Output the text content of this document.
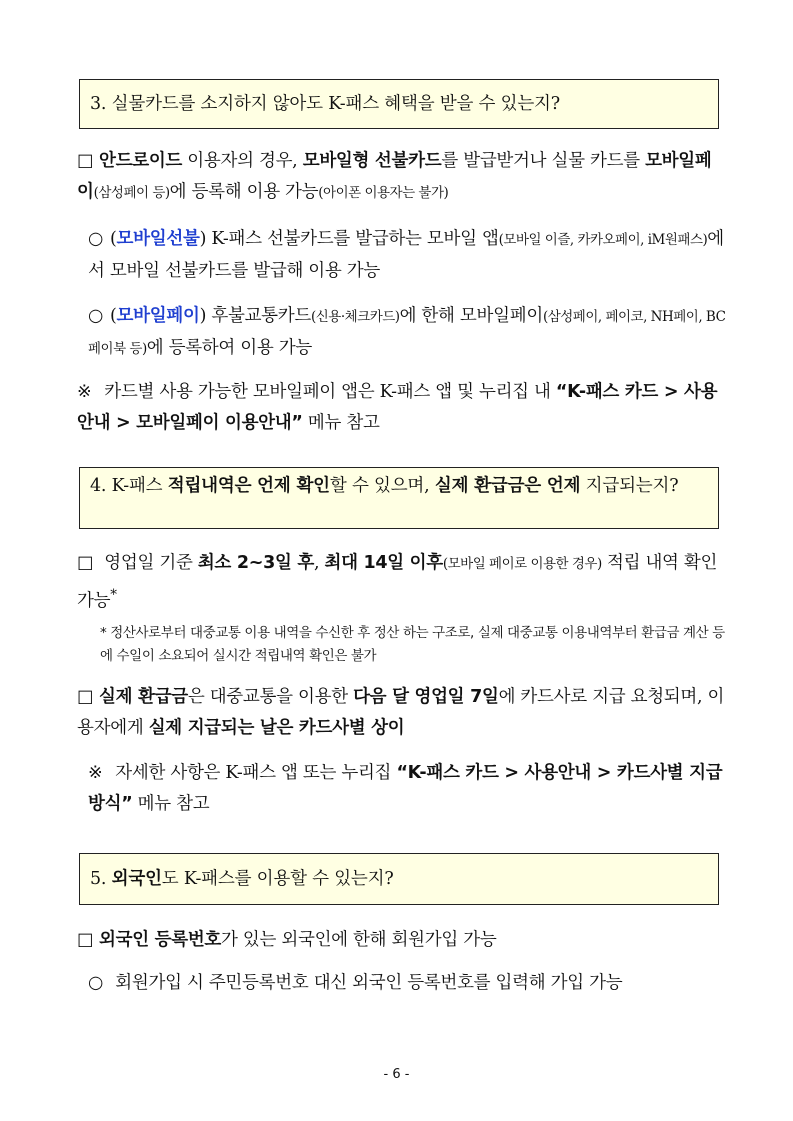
3. 실물카드를 소지하지 않아도 K-패스 혜택을 받을 수 있는지?
□ 안드로이드 이용자의 경우, 모바일형 선불카드를 발급받거나 실물 카드를 모바일페이(삼성페이 등)에 등록해 이용 가능(아이폰 이용자는 불가)
○ (모바일선불) K-패스 선불카드를 발급하는 모바일 앱(모바일 이즐, 카카오페이, iM원패스)에서 모바일 선불카드를 발급해 이용 가능
○ (모바일페이) 후불교통카드(신용·체크카드)에 한해 모바일페이(삼성페이, 페이코, NH페이, BC페이북 등)에 등록하여 이용 가능
※ 카드별 사용 가능한 모바일페이 앱은 K-패스 앱 및 누리집 내 “K-패스 카드 > 사용안내 > 모바일페이 이용안내” 메뉴 참고
4. K-패스 적립내역은 언제 확인할 수 있으며, 실제 환급금은 언제 지급되는지?
□ 영업일 기준 최소 2~3일 후, 최대 14일 이후(모바일 페이로 이용한 경우) 적립 내역 확인 가능*
* 정산사로부터 대중교통 이용 내역을 수신한 후 정산 하는 구조로, 실제 대중교통 이용내역부터 환급금 계산 등에 수일이 소요되어 실시간 적립내역 확인은 불가
□ 실제 환급금은 대중교통을 이용한 다음 달 영업일 7일에 카드사로 지급 요청되며, 이용자에게 실제 지급되는 날은 카드사별 상이
※ 자세한 사항은 K-패스 앱 또는 누리집 “K-패스 카드 > 사용안내 > 카드사별 지급방식” 메뉴 참고
5. 외국인도 K-패스를 이용할 수 있는지?
□ 외국인 등록번호가 있는 외국인에 한해 회원가입 가능
○ 회원가입 시 주민등록번호 대신 외국인 등록번호를 입력해 가입 가능
- 6 -
